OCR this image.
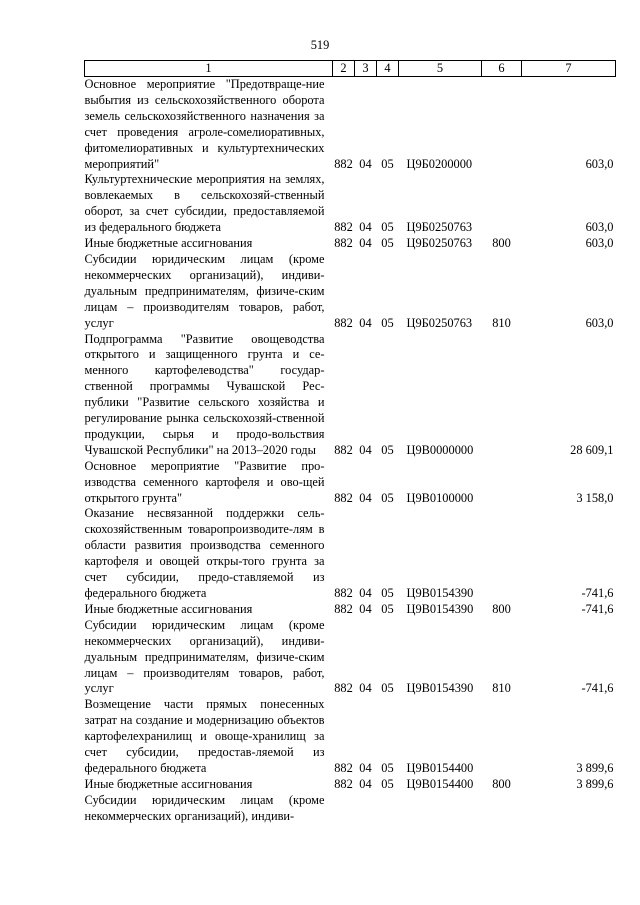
519
1	2	3	4	5	6	7
Основное мероприятие "Предотвраще-ние выбытия из сельскохозяйственного оборота земель сельскохозяйственного назначения за счет проведения агроле-сомелиоративных, фитомелиоративных и культуртехнических мероприятий"	882	04	05	Ц9Б0200000		603,0
Культуртехнические мероприятия на землях, вовлекаемых в сельскохозяй-ственный оборот, за счет субсидии, предоставляемой из федерального бюджета	882	04	05	Ц9Б0250763		603,0
Иные бюджетные ассигнования	882	04	05	Ц9Б0250763	800	603,0
Субсидии юридическим лицам (кроме некоммерческих организаций), индиви-дуальным предпринимателям, физиче-ским лицам – производителям товаров, работ, услуг	882	04	05	Ц9Б0250763	810	603,0
Подпрограмма "Развитие овощеводства открытого и защищенного грунта и се-менного картофелеводства" государ-ственной программы Чувашской Рес-публики "Развитие сельского хозяйства и регулирование рынка сельскохозяй-ственной продукции, сырья и продо-вольствия Чувашской Республики" на 2013–2020 годы	882	04	05	Ц9В0000000		28 609,1
Основное мероприятие "Развитие про-изводства семенного картофеля и ово-щей открытого грунта"	882	04	05	Ц9В0100000		3 158,0
Оказание несвязанной поддержки сель-скохозяйственным товаропроизводите-лям в области развития производства семенного картофеля и овощей откры-того грунта за счет субсидии, предо-ставляемой из федерального бюджета	882	04	05	Ц9В0154390		-741,6
Иные бюджетные ассигнования	882	04	05	Ц9В0154390	800	-741,6
Субсидии юридическим лицам (кроме некоммерческих организаций), индиви-дуальным предпринимателям, физиче-ским лицам – производителям товаров, работ, услуг	882	04	05	Ц9В0154390	810	-741,6
Возмещение части прямых понесенных затрат на создание и модернизацию объектов картофелехранилищ и овоще-хранилищ за счет субсидии, предостав-ляемой из федерального бюджета	882	04	05	Ц9В0154400		3 899,6
Иные бюджетные ассигнования	882	04	05	Ц9В0154400	800	3 899,6
Субсидии юридическим лицам (кроме некоммерческих организаций), индиви-						
